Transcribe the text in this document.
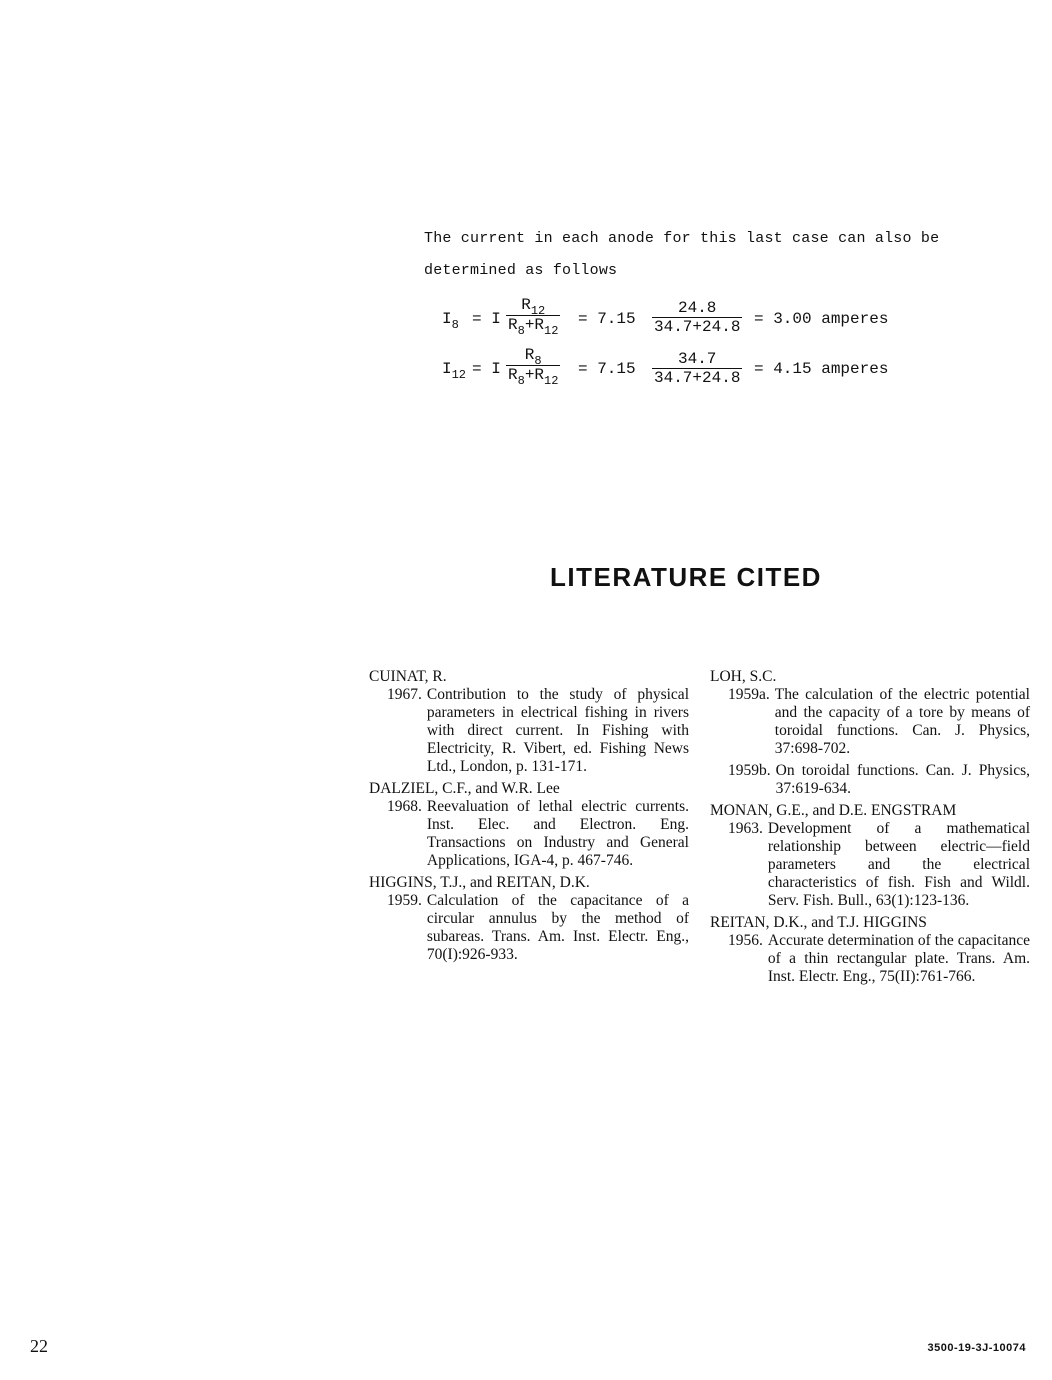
The current in each anode for this last case can also be
determined as follows
$I_8 = I \frac{R_{12}}{R_8+R_{12}} = 7.15 \frac{24.8}{34.7+24.8} = 3.00$ amperes
$I_{12} = I \frac{R_8}{R_8+R_{12}} = 7.15 \frac{34.7}{34.7+24.8} = 4.15$ amperes
LITERATURE CITED
CUINAT, R.
1967. Contribution to the study of physical parameters in electrical fishing in rivers with direct current. In Fishing with Electricity, R. Vibert, ed. Fishing News Ltd., London, p. 131-171.
DALZIEL, C.F., and W.R. Lee
1968. Reevaluation of lethal electric currents. Inst. Elec. and Electron. Eng. Transactions on Industry and General Applications, IGA-4, p. 467-746.
HIGGINS, T.J., and REITAN, D.K.
1959. Calculation of the capacitance of a circular annulus by the method of subareas. Trans. Am. Inst. Electr. Eng., 70(I):926-933.
LOH, S.C.
1959a. The calculation of the electric potential and the capacity of a tore by means of toroidal functions. Can. J. Physics, 37:698-702.
1959b. On toroidal functions. Can. J. Physics, 37:619-634.
MONAN, G.E., and D.E. ENGSTRAM
1963. Development of a mathematical relationship between electric—field parameters and the electrical characteristics of fish. Fish and Wildl. Serv. Fish. Bull., 63(1):123-136.
REITAN, D.K., and T.J. HIGGINS
1956. Accurate determination of the capacitance of a thin rectangular plate. Trans. Am. Inst. Electr. Eng., 75(II):761-766.
22	3500-19-3J-10074
